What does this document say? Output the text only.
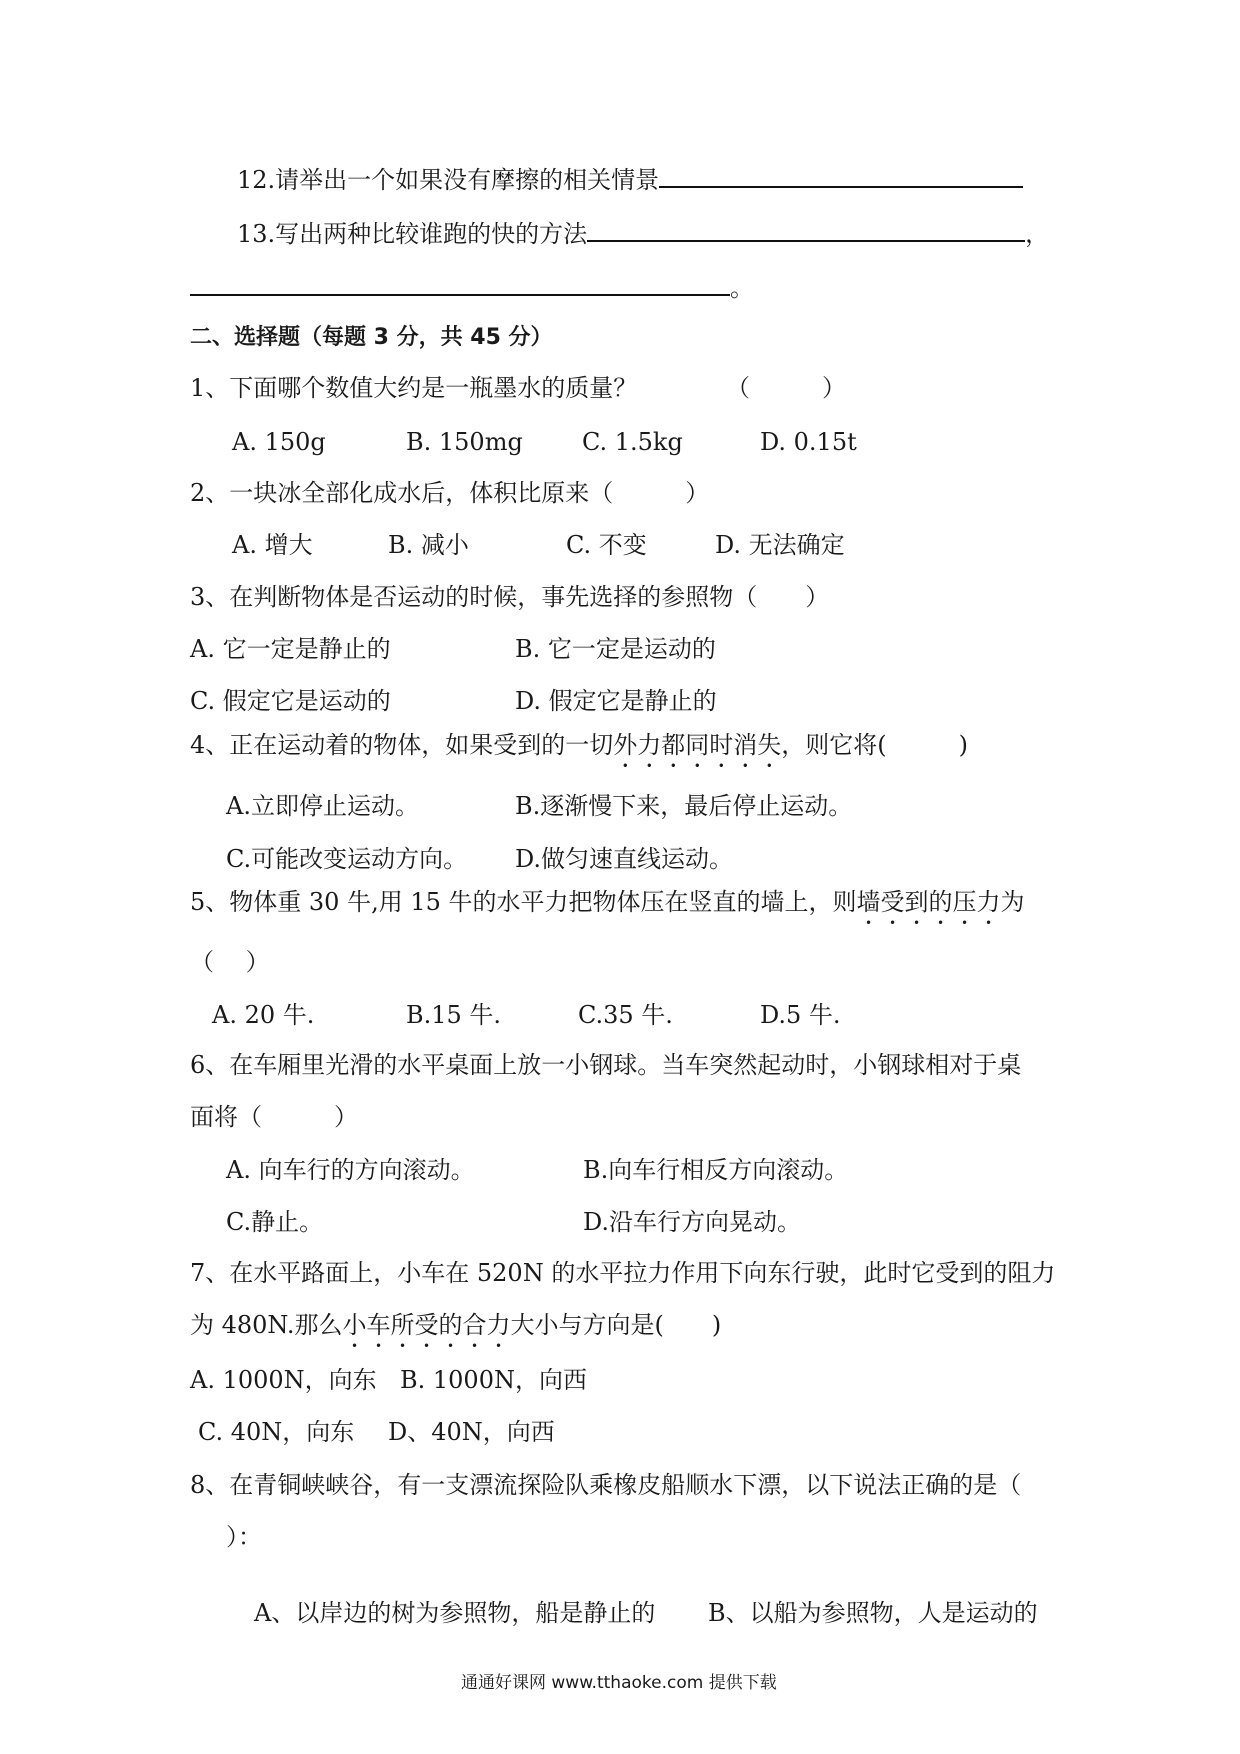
12.请举出一个如果没有摩擦的相关情景
13.写出两种比较谁跑的快的方法	，
。
二、选择题（每题 3 分，共 45 分）
1、下面哪个数值大约是一瓶墨水的质量？	（　　　）
A. 150g	B. 150mg C. 1.5kg	D. 0.15t
2、一块冰全部化成水后，体积比原来（　　　）
A. 增大	B. 减小	C. 不变	D. 无法确定
3、在判断物体是否运动的时候，事先选择的参照物（　　）
A. 它一定是静止的	B. 它一定是运动的
C. 假定它是运动的	D. 假定它是静止的
4、正在运动着的物体，如果受到的一切外力都同时消失，则它将(　　　)
A.立即停止运动。	B.逐渐慢下来，最后停止运动。
C.可能改变运动方向。 D.做匀速直线运动。
5、物体重 30 牛,用 15 牛的水平力把物体压在竖直的墙上，则墙受到的压力为
（　 ）
A. 20 牛.	B.15 牛.	C.35 牛.	D.5 牛.
6、在车厢里光滑的水平桌面上放一小钢球。当车突然起动时，小钢球相对于桌
面将（　　　）
A. 向车行的方向滚动。	B.向车行相反方向滚动。
C.静止。	D.沿车行方向晃动。
7、在水平路面上，小车在 520N 的水平拉力作用下向东行驶，此时它受到的阻力
为 480N.那么小车所受的合力大小与方向是(　　)
A. 1000N，向东 B. 1000N，向西
C. 40N，向东 D、40N，向西
8、在青铜峡峡谷，有一支漂流探险队乘橡皮船顺水下漂，以下说法正确的是（
）：
A、以岸边的树为参照物，船是静止的 B、以船为参照物，人是运动的
通通好课网 www.tthaoke.com 提供下载
